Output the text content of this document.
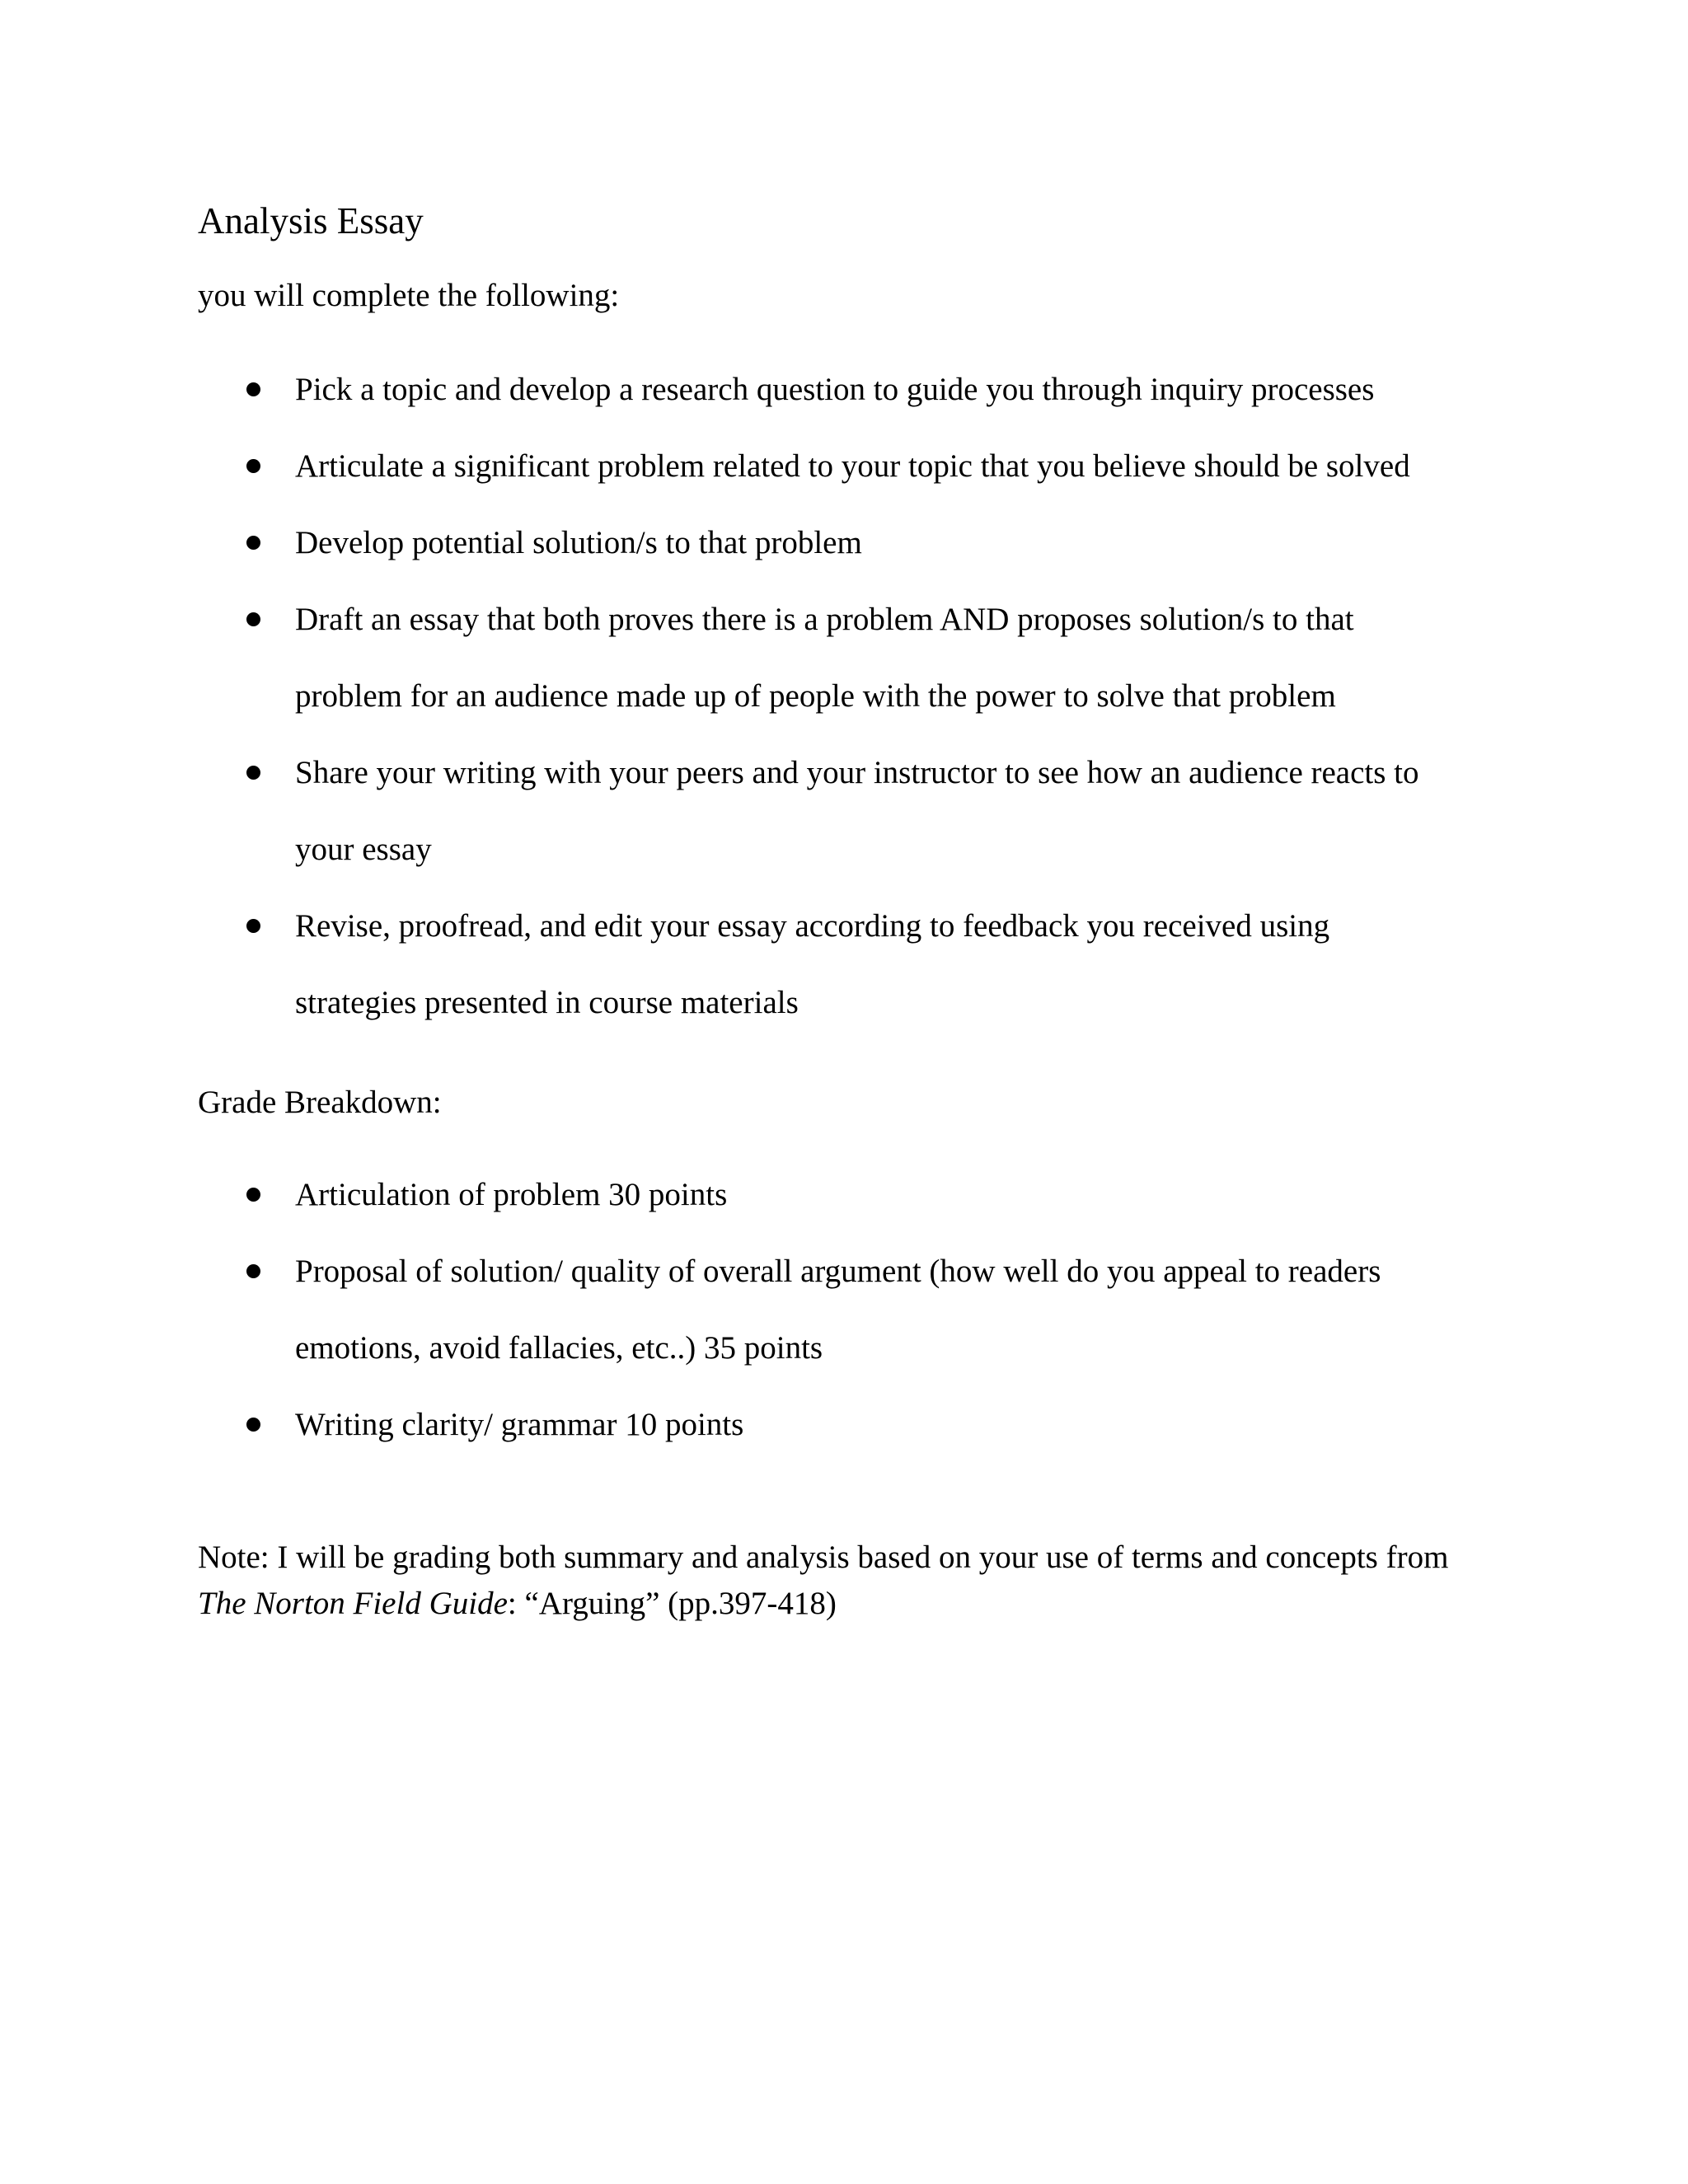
Analysis Essay
you will complete the following:
Pick a topic and develop a research question to guide you through inquiry processes
Articulate a significant problem related to your topic that you believe should be solved
Develop potential solution/s to that problem
Draft an essay that both proves there is a problem AND proposes solution/s to that
problem for an audience made up of people with the power to solve that problem
Share your writing with your peers and your instructor to see how an audience reacts to
your essay
Revise, proofread, and edit your essay according to feedback you received using
strategies presented in course materials
Grade Breakdown:
Articulation of problem 30 points
Proposal of solution/ quality of overall argument (how well do you appeal to readers
emotions, avoid fallacies, etc..) 35 points
Writing clarity/ grammar 10 points
Note: I will be grading both summary and analysis based on your use of terms and concepts from
The Norton Field Guide: “Arguing” (pp.397-418)
